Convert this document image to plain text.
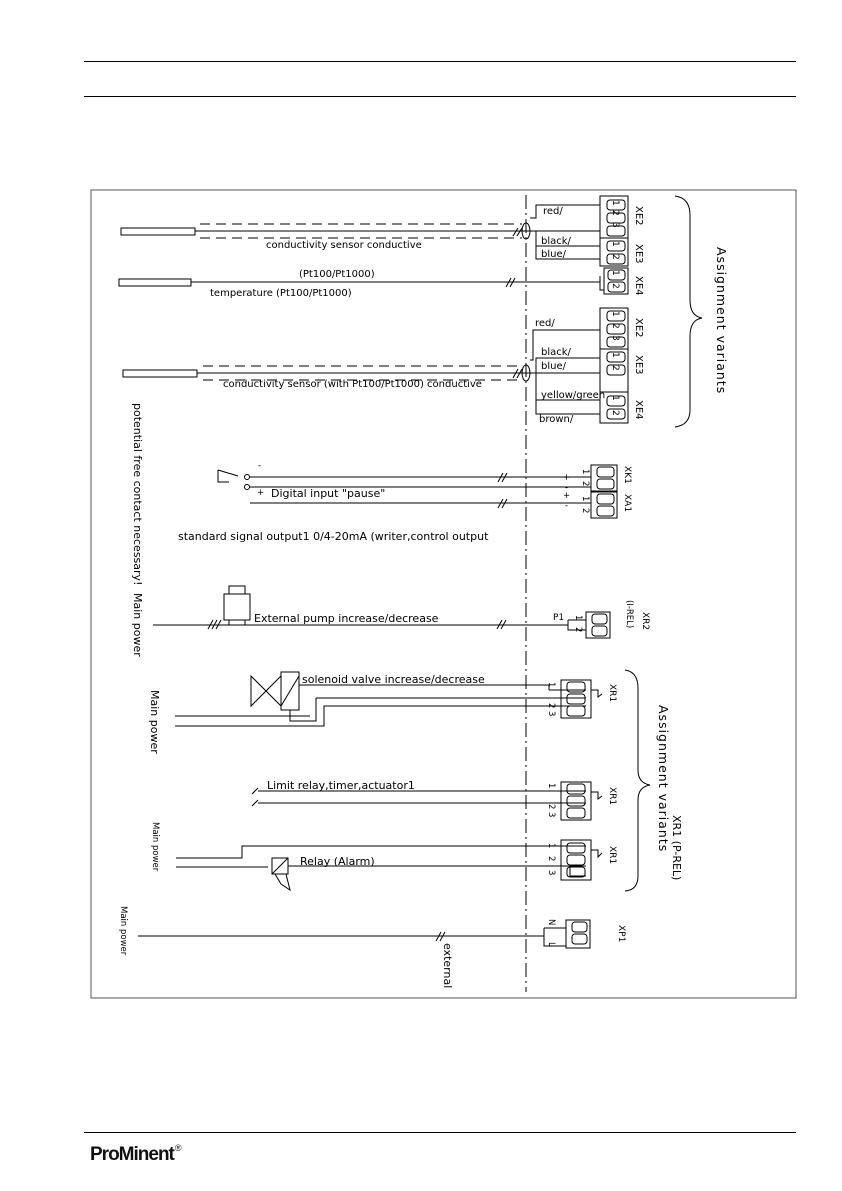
conductivity sensor conductive
red/
black/
blue/
(Pt100/Pt1000)
temperature (Pt100/Pt1000)
conductivity sensor (with Pt100/Pt1000) conductive
red/
black/
blue/
yellow/green
brown/
1
2
3
1
2
1
2
1
2
3
1
2
1
2
XE2
XE3
XE4
XE2
XE3
XE4
Assignment variants
-
+ Digital input "pause"
standard signal output1 0/4-20mA (writer,control output
+
-
+
-
1
2
1
2
XK1
XA1
External pump increase/decrease	P1 1
2	XR2
(I-REL)
solenoid valve increase/decrease	1
2
3
XR1
Limit relay,timer,actuator1	1
2
3
XR1
Relay (Alarm)
1
2
3
XR1
Assignment variants XR1 (P-REL)
N
L
XP1
external
potential free contact necessary!
Main power
Main power
Main power
Main power
ProMinent®
